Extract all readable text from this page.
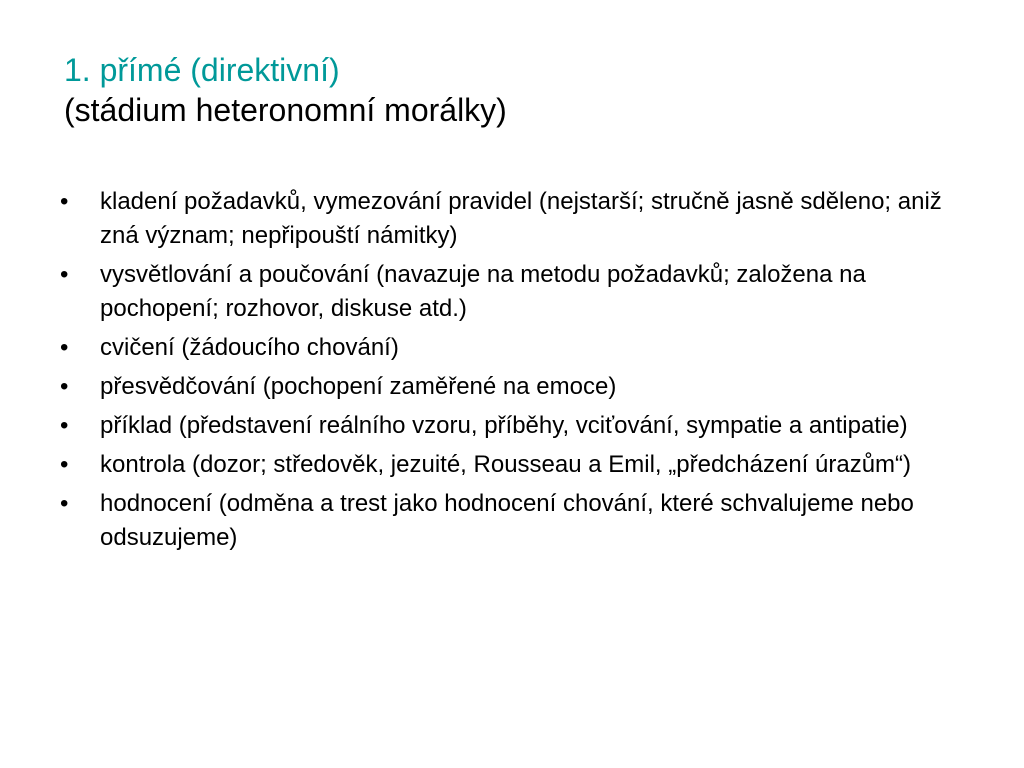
1. přímé (direktivní)
(stádium heteronomní morálky)
•	kladení požadavků, vymezování pravidel (nejstarší; stručně jasně sděleno; aniž zná význam; nepřipouští námitky)
•	vysvětlování a poučování (navazuje na metodu požadavků; založena na pochopení; rozhovor, diskuse atd.)
•	cvičení (žádoucího chování)
•	přesvědčování (pochopení zaměřené na emoce)
•	příklad (představení reálního vzoru, příběhy, vciťování, sympatie a antipatie)
•	kontrola (dozor; středověk, jezuité, Rousseau a Emil, „předcházení úrazům“)
•	hodnocení (odměna a trest jako hodnocení chování, které schvalujeme nebo odsuzujeme)
